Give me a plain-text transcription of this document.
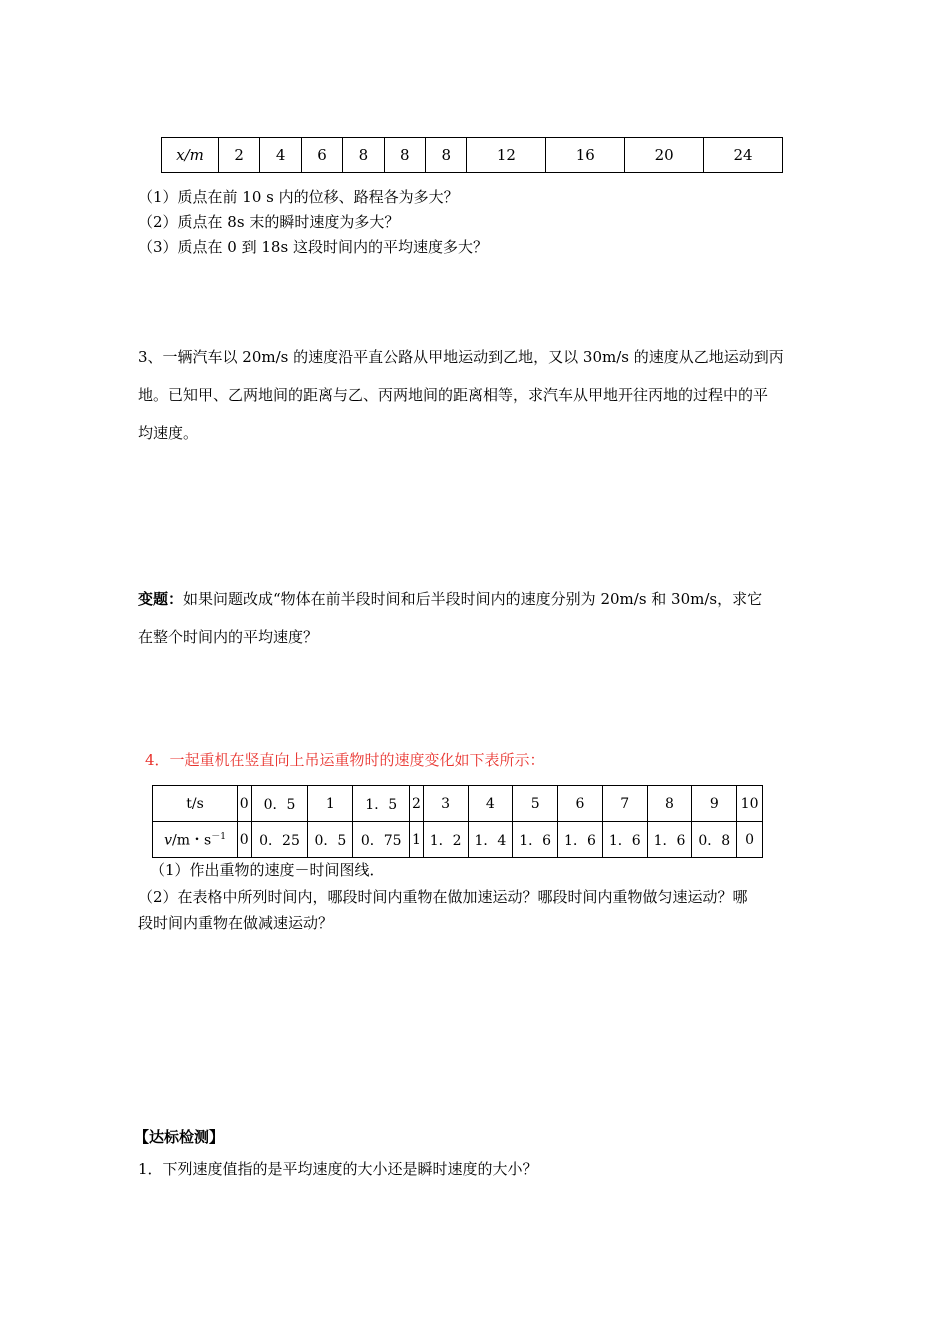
x/m	2	4	6	8	8	8	12	16	20	24
（1）质点在前 10 s 内的位移、路程各为多大？
（2）质点在 8s 末的瞬时速度为多大？
（3）质点在 0 到 18s 这段时间内的平均速度多大？
3、一辆汽车以 20m/s 的速度沿平直公路从甲地运动到乙地，又以 30m/s 的速度从乙地运动到丙
地。已知甲、乙两地间的距离与乙、丙两地间的距离相等，求汽车从甲地开往丙地的过程中的平
均速度。
变题：如果问题改成“物体在前半段时间和后半段时间内的速度分别为 20m/s 和 30m/s，求它
在整个时间内的平均速度？
4．一起重机在竖直向上吊运重物时的速度变化如下表所示：
t/s	0	0．5	1	1．5	2	3	4	5	6	7	8	9	10
v/m・$s^{-1}$	0	0．25	0．5	0．75	1	1．2	1．4	1．6	1．6	1．6	1．6	0．8	0
（1）作出重物的速度－时间图线．
（2）在表格中所列时间内，哪段时间内重物在做加速运动？哪段时间内重物做匀速运动？哪
段时间内重物在做减速运动？
【达标检测】
1．下列速度值指的是平均速度的大小还是瞬时速度的大小？
